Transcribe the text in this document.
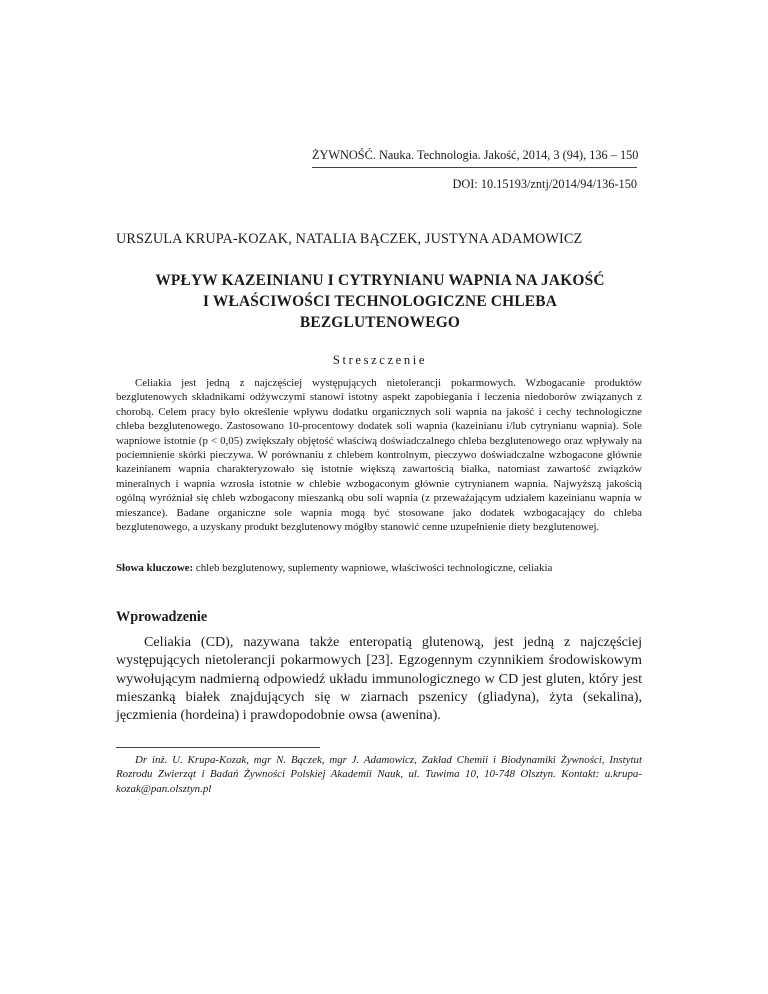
ŻYWNOŚĆ. Nauka. Technologia. Jakość, 2014, 3 (94), 136 – 150
DOI: 10.15193/zntj/2014/94/136-150
URSZULA KRUPA-KOZAK, NATALIA BĄCZEK, JUSTYNA ADAMOWICZ
WPŁYW KAZEINIANU I CYTRYNIANU WAPNIA NA JAKOŚĆ
I WŁAŚCIWOŚCI TECHNOLOGICZNE CHLEBA
BEZGLUTENOWEGO
Streszczenie

Celiakia jest jedną z najczęściej występujących nietolerancji pokarmowych. Wzbogacanie produktów bezglutenowych składnikami odżywczymi stanowi istotny aspekt zapobiegania i leczenia niedoborów związanych z chorobą. Celem pracy było określenie wpływu dodatku organicznych soli wapnia na jakość i cechy technologiczne chleba bezglutenowego. Zastosowano 10-procentowy dodatek soli wapnia (kazeinianu i/lub cytrynianu wapnia). Sole wapniowe istotnie (p < 0,05) zwiększały objętość właściwą doświadczalnego chleba bezglutenowego oraz wpływały na pociemnienie skórki pieczywa. W porównaniu z chlebem kontrolnym, pieczywo doświadczalne wzbogacone głównie kazeinianem wapnia charakteryzowało się istotnie większą zawartością białka, natomiast zawartość związków mineralnych i wapnia wzrosła istotnie w chlebie wzbogaconym głównie cytrynianem wapnia. Najwyższą jakością ogólną wyróżniał się chleb wzbogacony mieszanką obu soli wapnia (z przeważającym udziałem kazeinianu wapnia w mieszance). Badane organiczne sole wapnia mogą być stosowane jako dodatek wzbogacający do chleba bezglutenowego, a uzyskany produkt bezglutenowy mógłby stanowić cenne uzupełnienie diety bezglutenowej.

Słowa kluczowe: chleb bezglutenowy, suplementy wapniowe, właściwości technologiczne, celiakia

Wprowadzenie

Celiakia (CD), nazywana także enteropatią glutenową, jest jedną z najczęściej występujących nietolerancji pokarmowych [23]. Egzogennym czynnikiem środowiskowym wywołującym nadmierną odpowiedź układu immunologicznego w CD jest gluten, który jest mieszanką białek znajdujących się w ziarnach pszenicy (gliadyna), żyta (sekalina), jęczmienia (hordeina) i prawdopodobnie owsa (awenina).

Dr inż. U. Krupa-Kozak, mgr N. Bączek, mgr J. Adamowicz, Zakład Chemii i Biodynamiki Żywności, Instytut Rozrodu Zwierząt i Badań Żywności Polskiej Akademii Nauk, ul. Tuwima 10, 10-748 Olsztyn. Kontakt: u.krupa-kozak@pan.olsztyn.pl
